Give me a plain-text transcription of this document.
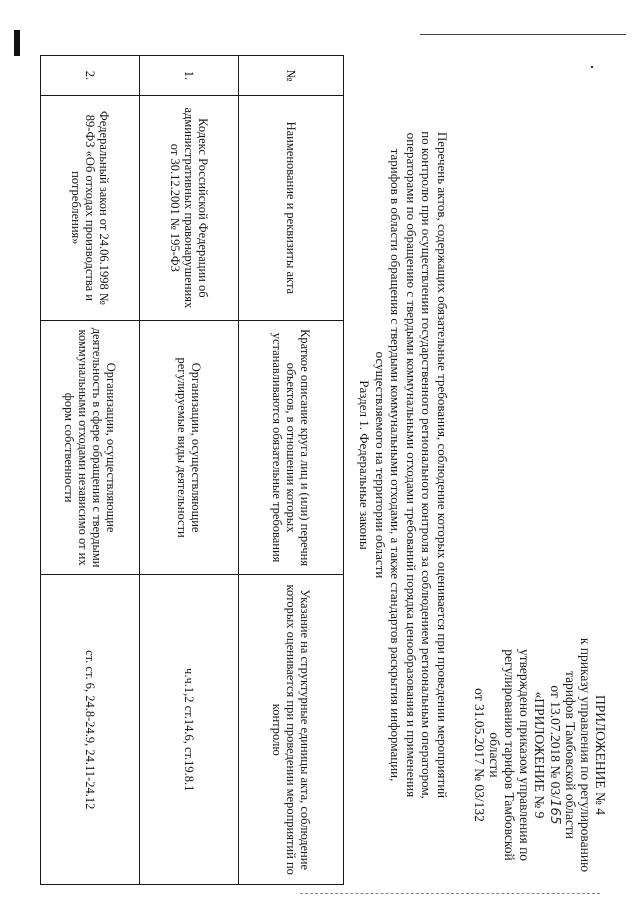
ПРИЛОЖЕНИЕ № 4
к приказу управления по регулированию
тарифов Тамбовской области
от 13.07.2018 № 03/165
«ПРИЛОЖЕНИЕ № 9
утверждено приказом управления по
регулированию тарифов Тамбовской
области
от 31.05.2017 № 03/132
Перечень актов, содержащих обязательные требования, соблюдение которых оценивается при проведении мероприятий
по контролю при осуществлении государственного регионального контроля за соблюдением региональным оператором,
операторами по обращению с твердыми коммунальными отходами требований порядка ценообразования и применения
тарифов в области обращения с твердыми коммунальными отходами, а также стандартов раскрытия информации,
осуществляемого на территории области
Раздел 1. Федеральные законы
№	Наименование и реквизиты акта	Краткое описание круга лиц и (или) перечня объектов, в отношении которых устанавливаются обязательные требования	Указание на структурные единицы акта, соблюдение которых оценивается при проведении мероприятий по контролю
1.	Кодекс Российской Федерации об административных правонарушениях от 30.12.2001 № 195-ФЗ	Организации, осуществляющие регулируемые виды деятельности	ч.ч.1,2 ст.14.6, ст.19.8.1
2.	Федеральный закон от 24.06.1998 № 89-ФЗ «Об отходах производства и потребления»	Организации, осуществляющие деятельность в сфере обращения с твердыми коммунальными отходами независимо от их форм собственности	ст. ст. 6, 24.8-24.9, 24.11-24.12
